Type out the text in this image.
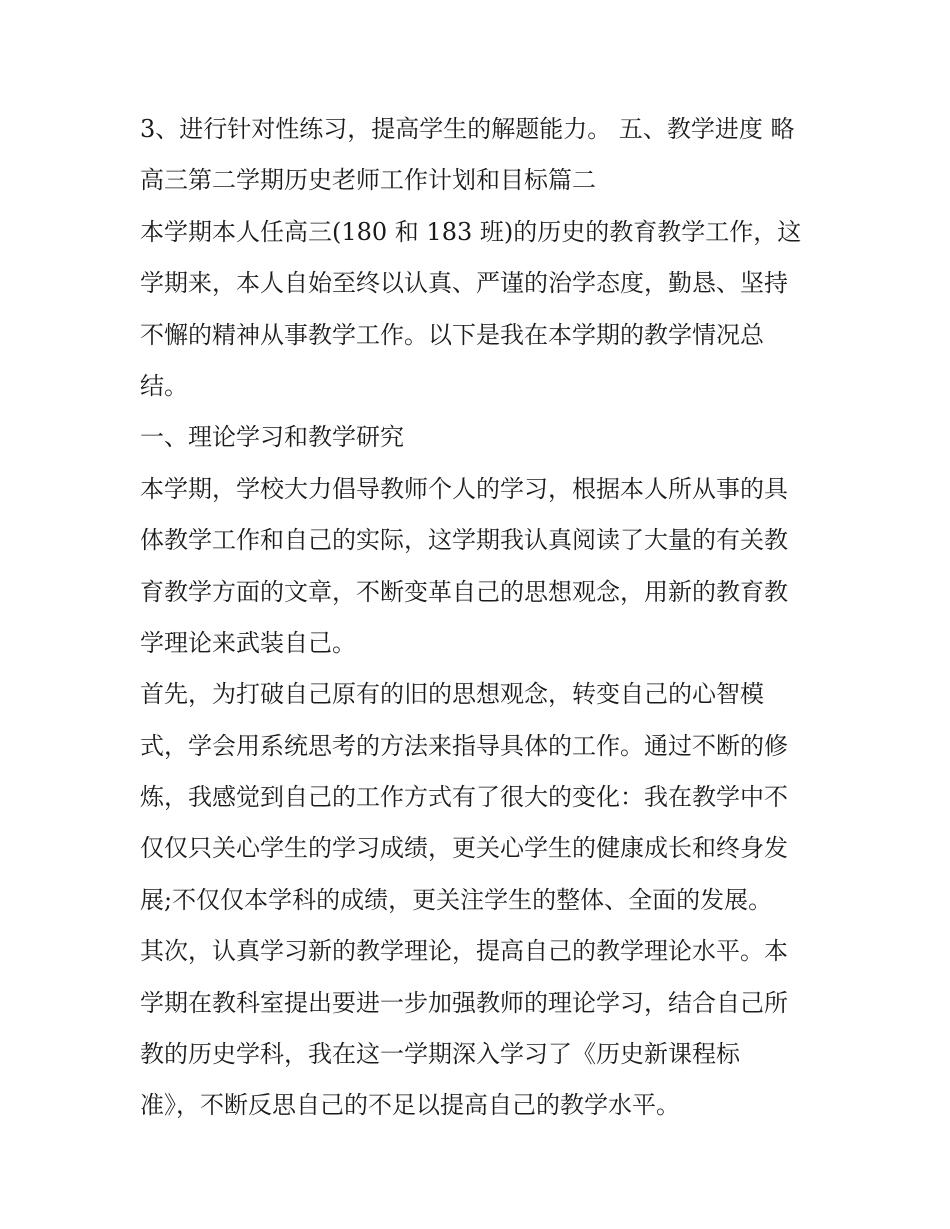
3、进行针对性练习，提高学生的解题能力。 五、教学进度 略
高三第二学期历史老师工作计划和目标篇二
本学期本人任高三(180 和 183 班)的历史的教育教学工作，这
学期来，本人自始至终以认真、严谨的治学态度，勤恳、坚持
不懈的精神从事教学工作。以下是我在本学期的教学情况总
结。
一、理论学习和教学研究
本学期，学校大力倡导教师个人的学习，根据本人所从事的具
体教学工作和自己的实际，这学期我认真阅读了大量的有关教
育教学方面的文章，不断变革自己的思想观念，用新的教育教
学理论来武装自己。
首先，为打破自己原有的旧的思想观念，转变自己的心智模
式，学会用系统思考的方法来指导具体的工作。通过不断的修
炼，我感觉到自己的工作方式有了很大的变化：我在教学中不
仅仅只关心学生的学习成绩，更关心学生的健康成长和终身发
展;不仅仅本学科的成绩，更关注学生的整体、全面的发展。
其次，认真学习新的教学理论，提高自己的教学理论水平。本
学期在教科室提出要进一步加强教师的理论学习，结合自己所
教的历史学科，我在这一学期深入学习了《历史新课程标
准》，不断反思自己的不足以提高自己的教学水平。
